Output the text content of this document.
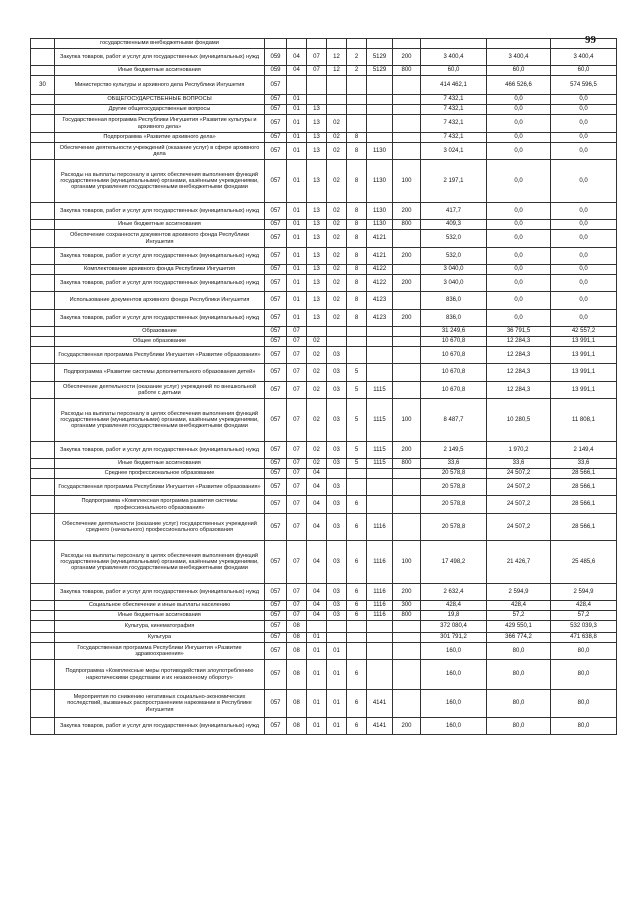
99
	государственными внебюджетными фондами										
	Закупка товаров, работ и услуг для государственных (муниципальных) нужд	059	04	07	12	2	5129	200	3 400,4	3 400,4	3 400,4
	Иные бюджетные ассигнования	059	04	07	12	2	5129	800	60,0	60,0	60,0
30	Министерство культуры и архивного дела Республики Ингушетия	057							414 462,1	466 526,6	574 596,5
	ОБЩЕГОСУДАРСТВЕННЫЕ ВОПРОСЫ	057	01						7 432,1	0,0	0,0
	Другие общегосударственные вопросы	057	01	13					7 432,1	0,0	0,0
	Государственная программа Республики Ингушетия «Развитие культуры и архивного дела»	057	01	13	02				7 432,1	0,0	0,0
	Подпрограмма «Развитие архивного дела»	057	01	13	02	8			7 432,1	0,0	0,0
	Обеспечение деятельности учреждений (оказание услуг) в сфере архивного дела	057	01	13	02	8	1130		3 024,1	0,0	0,0
	Расходы на выплаты персоналу в целях обеспечения выполнения функций государственными (муниципальными) органами, казёнными учреждениями, органами управления государственными внебюджетными фондами	057	01	13	02	8	1130	100	2 197,1	0,0	0,0
	Закупка товаров, работ и услуг для государственных (муниципальных) нужд	057	01	13	02	8	1130	200	417,7	0,0	0,0
	Иные бюджетные ассигнования	057	01	13	02	8	1130	800	409,3	0,0	0,0
	Обеспечение сохранности документов архивного фонда Республики Ингушетия	057	01	13	02	8	4121		532,0	0,0	0,0
	Закупка товаров, работ и услуг для государственных (муниципальных) нужд	057	01	13	02	8	4121	200	532,0	0,0	0,0
	Комплектование архивного фонда Республики Ингушетия	057	01	13	02	8	4122		3 040,0	0,0	0,0
	Закупка товаров, работ и услуг для государственных (муниципальных) нужд	057	01	13	02	8	4122	200	3 040,0	0,0	0,0
	Использование документов архивного фонда Республики Ингушетия	057	01	13	02	8	4123		836,0	0,0	0,0
	Закупка товаров, работ и услуг для государственных (муниципальных) нужд	057	01	13	02	8	4123	200	836,0	0,0	0,0
	Образование	057	07						31 249,6	36 791,5	42 557,2
	Общее образование	057	07	02					10 670,8	12 284,3	13 991,1
	Государственная программа Республики Ингушетия «Развитие образования»	057	07	02	03				10 670,8	12 284,3	13 991,1
	Подпрограмма «Развитие системы дополнительного образования детей»	057	07	02	03	5			10 670,8	12 284,3	13 991,1
	Обеспечение деятельности (оказание услуг) учреждений по внешкольной работе с детьми	057	07	02	03	5	1115		10 670,8	12 284,3	13 991,1
	Расходы на выплаты персоналу в целях обеспечения выполнения функций государственными (муниципальными) органами, казёнными учреждениями, органами управления государственными внебюджетными фондами	057	07	02	03	5	1115	100	8 487,7	10 280,5	11 808,1
	Закупка товаров, работ и услуг для государственных (муниципальных) нужд	057	07	02	03	5	1115	200	2 149,5	1 970,2	2 149,4
	Иные бюджетные ассигнования	057	07	02	03	5	1115	800	33,6	33,6	33,6
	Среднее профессиональное образование	057	07	04					20 578,8	24 507,2	28 566,1
	Государственная программа Республики Ингушетия «Развитие образования»	057	07	04	03				20 578,8	24 507,2	28 566,1
	Подпрограмма «Комплексная программа развития системы профессионального образования»	057	07	04	03	6			20 578,8	24 507,2	28 566,1
	Обеспечение деятельности (оказание услуг) государственных учреждений среднего (начального) профессионального образования	057	07	04	03	6	1116		20 578,8	24 507,2	28 566,1
	Расходы на выплаты персоналу в целях обеспечения выполнения функций государственными (муниципальными) органами, казёнными учреждениями, органами управления государственными внебюджетными фондами	057	07	04	03	6	1116	100	17 498,2	21 426,7	25 485,6
	Закупка товаров, работ и услуг для государственных (муниципальных) нужд	057	07	04	03	6	1116	200	2 632,4	2 594,9	2 594,9
	Социальное обеспечение и иные выплаты населению	057	07	04	03	6	1116	300	428,4	428,4	428,4
	Иные бюджетные ассигнования	057	07	04	03	6	1116	800	19,8	57,2	57,2
	Культура, кинематография	057	08						372 080,4	429 550,1	532 039,3
	Культура	057	08	01					301 791,2	366 774,2	471 638,8
	Государственная программа Республики Ингушетия «Развитие здравоохранения»	057	08	01	01				160,0	80,0	80,0
	Подпрограмма «Комплексные меры противодействия злоупотреблению наркотическими средствами и их незаконному обороту»	057	08	01	01	6			160,0	80,0	80,0
	Мероприятия по снижению негативных социально-экономических последствий, вызванных распространением наркомании в Республике Ингушетия	057	08	01	01	6	4141		160,0	80,0	80,0
	Закупка товаров, работ и услуг для государственных (муниципальных) нужд	057	08	01	01	6	4141	200	160,0	80,0	80,0
